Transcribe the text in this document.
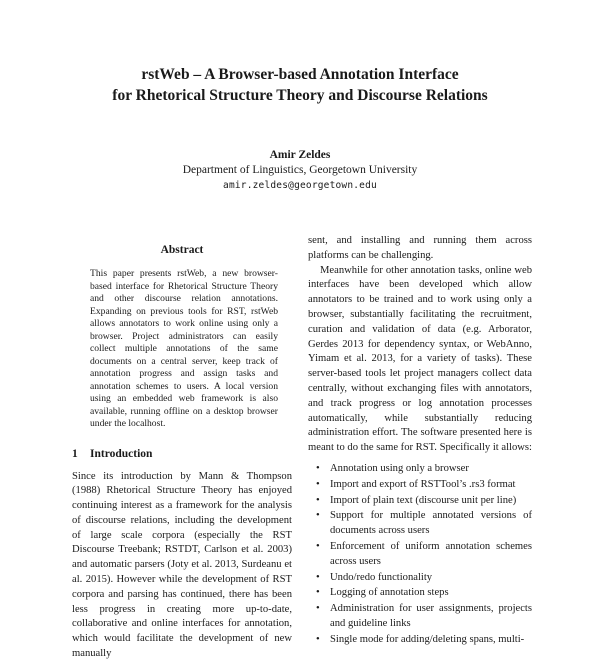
rstWeb – A Browser-based Annotation Interface
for Rhetorical Structure Theory and Discourse Relations
Amir Zeldes
Department of Linguistics, Georgetown University
amir.zeldes@georgetown.edu
Abstract

This paper presents rstWeb, a new browser-based interface for Rhetorical Structure Theory and other discourse relation annotations. Expanding on previous tools for RST, rstWeb allows annotators to work online using only a browser. Project administrators can easily collect multiple annotations of the same documents on a central server, keep track of annotation progress and assign tasks and annotation schemes to users. A local version using an embedded web framework is also available, running offline on a desktop browser under the localhost.

1 Introduction

Since its introduction by Mann & Thompson (1988) Rhetorical Structure Theory has enjoyed continuing interest as a framework for the analysis of discourse relations, including the development of large scale corpora (especially the RST Discourse Treebank; RSTDT, Carlson et al. 2003) and automatic parsers (Joty et al. 2013, Surdeanu et al. 2015). However while the development of RST corpora and parsing has continued, there has been less progress in creating more up-to-date, collaborative and online interfaces for annotation, which would facilitate the development of new manually

sent, and installing and running them across platforms can be challenging.

Meanwhile for other annotation tasks, online web interfaces have been developed which allow annotators to be trained and to work using only a browser, substantially facilitating the recruitment, curation and validation of data (e.g. Arborator, Gerdes 2013 for dependency syntax, or WebAnno, Yimam et al. 2013, for a variety of tasks). These server-based tools let project managers collect data centrally, without exchanging files with annotators, and track progress or log annotation processes automatically, while substantially reducing administration effort. The software presented here is meant to do the same for RST. Specifically it allows:

• Annotation using only a browser
• Import and export of RSTTool’s .rs3 format
• Import of plain text (discourse unit per line)
• Support for multiple annotated versions of documents across users
• Enforcement of uniform annotation schemes across users
• Undo/redo functionality
• Logging of annotation steps
• Administration for user assignments, projects and guideline links
• Single mode for adding/deleting spans, multi-
